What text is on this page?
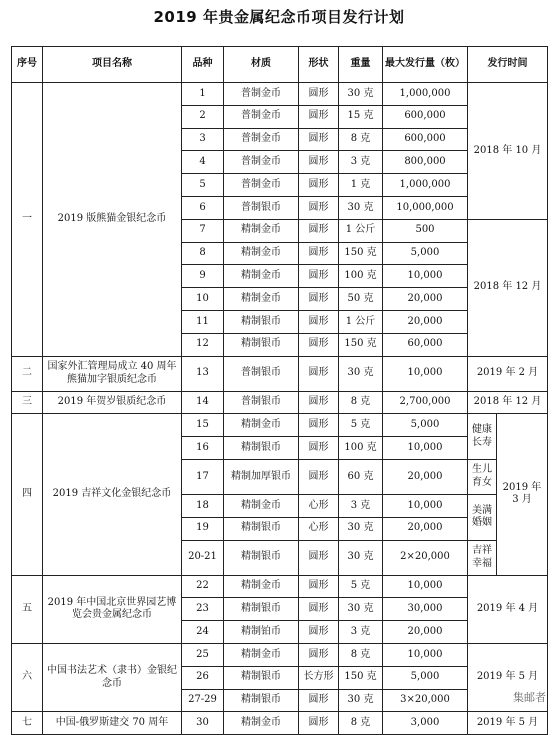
2019 年贵金属纪念币项目发行计划
序号	项目名称	品种	材质	形状	重量	最大发行量（枚）	发行时间	
一	2019 版熊猫金银纪念币	1	普制金币	圆形	30 克	1,000,000	2018 年 10 月	
		2	普制金币	圆形	15 克	600,000		
		3	普制金币	圆形	8 克	600,000		
		4	普制金币	圆形	3 克	800,000		
		5	普制金币	圆形	1 克	1,000,000		
		6	普制银币	圆形	30 克	10,000,000		
		7	精制金币	圆形	1 公斤	500	2018 年 12 月	
		8	精制金币	圆形	150 克	5,000		
		9	精制金币	圆形	100 克	10,000		
		10	精制金币	圆形	50 克	20,000		
		11	精制银币	圆形	1 公斤	20,000		
		12	精制银币	圆形	150 克	60,000		
二	国家外汇管理局成立 40 周年熊猫加字银质纪念币	13	普制银币	圆形	30 克	10,000	2019 年 2 月	
三	2019 年贺岁银质纪念币	14	普制银币	圆形	8 克	2,700,000	2018 年 12 月	
四	2019 吉祥文化金银纪念币	15	精制金币	圆形	5 克	5,000	健康长寿	2019 年 3 月
		16	精制银币	圆形	100 克	10,000		
		17	精制加厚银币	圆形	60 克	20,000	生儿育女	
		18	精制金币	心形	3 克	10,000	美满婚姻	
		19	精制银币	心形	30 克	20,000		
		20-21	精制银币	圆形	30 克	2×20,000	吉祥幸福	
五	2019 年中国北京世界园艺博览会贵金属纪念币	22	精制金币	圆形	5 克	10,000	2019 年 4 月	
		23	精制银币	圆形	30 克	30,000		
		24	精制铂币	圆形	3 克	20,000		
六	中国书法艺术（隶书）金银纪念币	25	精制金币	圆形	8 克	10,000	2019 年 5 月	
		26	精制银币	长方形	150 克	5,000		
		27-29	精制银币	圆形	30 克	3×20,000		
七	中国-俄罗斯建交 70 周年	30	精制金币	圆形	8 克	3,000	2019 年 5 月	
集邮者
